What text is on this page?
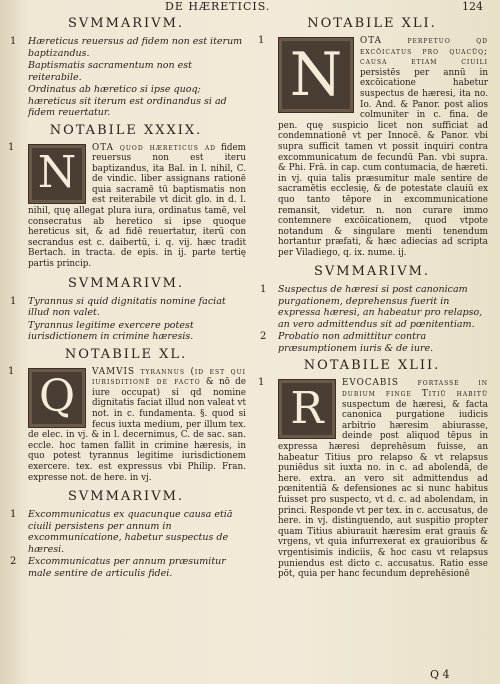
DE HÆRETICIS.	124
SVMMARIVM.
1 Hæreticus reuersus ad fidem non est iterum baptizandus.
Baptismatis sacramentum non est reiterabile.
Ordinatus ab hæretico si ipse quoq; hæreticus sit iterum est ordinandus si ad fidem reuertatur.
NOTABILE XXXIX.
1
N	OTA quod hæreticus ad fidem reuersus non est iteru baptizandus, ita Bal. in l. nihil, C. de vindic. liber assignans rationē quia sacramē tū baptismatis non est reiterabile vt dicit glo. in d. l. nihil, quę allegat plura iura, ordinatus tamē, vel consecratus ab heretico si ipse quoque hereticus sit, & ad fidē reuertatur, iterū con secrandus est c. daibertū, i. q. vij. hæc tradit Bertach. in tracta. de epis. in ij. parte tertię partis princip.
SVMMARIVM.
1 Tyrannus si quid dignitatis nomine faciat illud non valet.
Tyrannus legitime exercere potest iurisdictionem in crimine hæresis.
NOTABILE XL.
1
Q	VAMVIS tyrannus (id est qui iurisditionē de facto & nō de iure occupat) si qd nomine dignitatis faciat illud non valeat vt not. in c. fundamenta. §. quod si fecus iuxta medium, per illum tex. de elec. in vj. & in l. decernimus, C. de sac. san. eccle. hoc tamen fallit in crimine hæresis, in quo potest tyrannus legitime iurisdictionem exercere. tex. est expressus vbi Philip. Fran. expresse not. de here. in vj.
SVMMARIVM.
1 Excommunicatus ex quacunque causa etiā ciuili persistens per annum in excommunicatione, habetur suspectus de hæresi.
2 Excommunicatus per annum præsumitur male sentire de articulis fidei.
NOTABILE XLI.
1 N	OTA perpetuo qd excōicatus pro quacūq; causa etiam ciuili persistēs per annū in excōicatione habetur suspectus de hæresi, ita no. Io. And. & Panor. post alios colmuniter in c. fina. de pen. quę suspicio licet non sufficiat ad condemnationē vt per Innocē. & Panor. vbi supra sufficit tamen vt possit inquiri contra excommunicatum de fecundū Pan. vbi supra. & Phi. Frā. in cap. cum contumacia, de hæreti. in vj. quia talis præsumitur male sentire de sacramētis ecclesię, & de potestate clauiū ex quo tanto tēpore in excommunicatione remansit, videtur. n. non curare immo contemnere excōicationem, quod vtpote notandum & singulare menti tenendum hortantur præfati, & hæc adiecias ad scripta per Viladiego, q. ix. nume. ij.
SVMMARIVM.
1 Suspectus de hæresi si post canonicam purgationem, deprehensus fuerit in expressa hæresi, an habeatur pro relapso, an vero admittendus sit ad pœnitentiam.
2 Probatio non admittitur contra præsumptionem iuris & de iure.
NOTABILE XLII.
1
R	EVOCABIS fortasse in dubium finge Titiū habitū suspectum de hæresi, & facta canonica purgatione iudicis arbitrio hæresim abiurasse, deinde post aliquod tēpus in expressa hæresi deprehēsum fuisse, an habeatur Titius pro relapso & vt relapsus puniēdus sit iuxta no. in c. ad abolendā, de here. extra. an vero sit admittendus ad pœnitentiā & defensiones ac si nunc habitus fuisset pro suspecto, vt d. c. ad abolendam, in princi. Responde vt per tex. in c. accusatus, de here. in vj. distinguendo, aut suspitio propter quam Titius abiurauit hæresim erat grauis & vrgens, vt quia infurrexerat ex grauioribus & vrgentisimis indiciis, & hoc casu vt relapsus puniendus est dicto c. accusatus. Ratio esse pōt, quia per hanc fecundum deprehēsionē
Q 4
